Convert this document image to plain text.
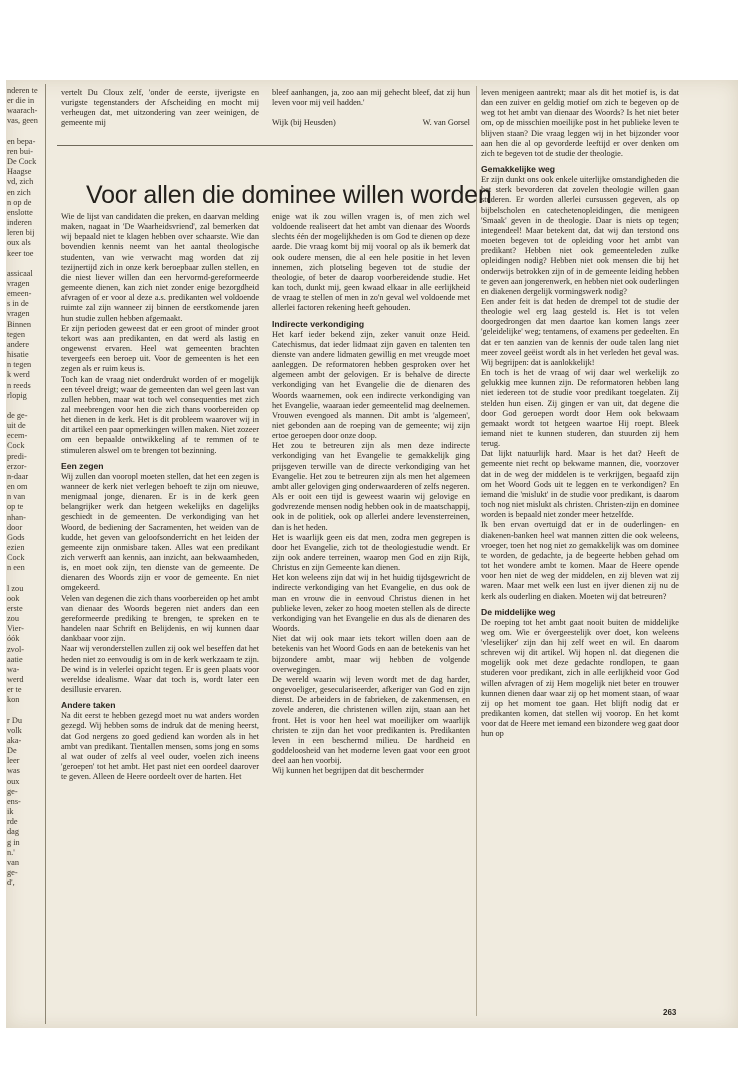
nderen te
er die in
waarach-
vas, geen

en bepa-
ren bui-
De Cock
Haagse
vd, zich
en zich
n op de
enslotte
inderen
leren bij
oux als
keer toe

assicaal
vragen
emeen-
s in de
vragen
Binnen
tegen
andere
hisatie
n tegen
k werd
n reeds
rlopig

de ge-
uit de
ecem-
Cock
predi-
erzor-
n-daar
en om
n van
op te
nhan-
door
Gods
ezien
Cock
n een

l zou
ook
erste
zou
Vier-
óók
zvol-
aatie
wa-
werd
er te
kon

r Du
volk
aka-
De
leer
was
oux
ge-
ens-
ik
rde
dag
g in
n.'
van
ge-
d',

vertelt Du Cloux zelf, 'onder de eerste, ijverigste en vurigste tegenstanders der Afscheiding en mocht mij verheugen dat, met uitzondering van zeer weinigen, de gemeente mij

bleef aanhangen, ja, zoo aan mij gehecht bleef, dat zij hun leven voor mij veil hadden.'

Wijk (bij Heusden)	W. van Gorsel
Voor allen die dominee willen worden

Wie de lijst van candidaten die preken, en daarvan melding maken, nagaat in 'De Waarheidsvriend', zal bemerken dat wij bepaald niet te klagen hebben over schaarste. Wie dan bovendien kennis neemt van het aantal theologische studenten, van wie verwacht mag worden dat zij tezijnertijd zich in onze kerk beroepbaar zullen stellen, en die niest liever willen dan een hervormd-gereformeerde gemeente dienen, kan zich niet zonder enige bezorgdheid afvragen of er voor al deze a.s. predikanten wel voldoende ruimte zal zijn wanneer zij binnen de eerstkomende jaren hun studie zullen hebben afgemaakt.

Er zijn perioden geweest dat er een groot of minder groot tekort was aan predikanten, en dat werd als lastig en ongewenst ervaren. Heel wat gemeenten brachten tevergeefs een beroep uit. Voor de gemeenten is het een zegen als er ruim keus is.

Toch kan de vraag niet onderdrukt worden of er mogelijk een téveel dreigt; waar de gemeenten dan wel geen last van zullen hebben, maar wat toch wel consequenties met zich zal meebrengen voor hen die zich thans voorbereiden op het dienen in de kerk. Het is dit probleem waarover wij in dit artikel een paar opmerkingen willen maken. Niet zozeer om een bepaalde ontwikkeling af te remmen of te stimuleren alswel om te brengen tot bezinning.

Een zegen

Wij zullen dan vooropl moeten stellen, dat het een zegen is wanneer de kerk niet verlegen behoeft te zijn om nieuwe, menigmaal jonge, dienaren. Er is in de kerk geen belangrijker werk dan hetgeen wekelijks en dagelijks geschiedt in de gemeenten. De verkondiging van het Woord, de bediening der Sacramenten, het weiden van de kudde, het geven van geloofsonderricht en het leiden der gemeente zijn onmisbare taken. Alles wat een predikant zich verwerft aan kennis, aan inzicht, aan bekwaamheden, is, en moet ook zijn, ten dienste van de gemeente. De dienaren des Woords zijn er voor de gemeente. En niet omgekeerd.

Velen van degenen die zich thans voorbereiden op het ambt van dienaar des Woords begeren niet anders dan een gereformeerde prediking te brengen, te spreken en te handelen naar Schrift en Belijdenis, en wij kunnen daar dankbaar voor zijn.

Naar wij veronderstellen zullen zij ook wel beseffen dat het heden niet zo eenvoudig is om in de kerk werkzaam te zijn. De wind is in velerlei opzicht tegen. Er is geen plaats voor wereldse idealisme. Waar dat toch is, wordt later een desillusie ervaren.

Andere taken

Na dit eerst te hebben gezegd moet nu wat anders worden gezegd. Wij hebben soms de indruk dat de mening heerst, dat God nergens zo goed gediend kan worden als in het ambt van predikant. Tientallen mensen, soms jong en soms al wat ouder of zelfs al veel ouder, voelen zich ineens 'geroepen' tot het ambt. Het past niet een oordeel daarover te geven. Alleen de Heere oordeelt over de harten. Het

enige wat ik zou willen vragen is, of men zich wel voldoende realiseert dat het ambt van dienaar des Woords slechts één der mogelijkheden is om God te dienen op deze aarde. Die vraag komt bij mij vooral op als ik bemerk dat ook oudere mensen, die al een hele positie in het leven innemen, zich plotseling begeven tot de studie der theologie, of beter de daarop voorbereidende studie. Het kan toch, dunkt mij, geen kwaad elkaar in alle eerlijkheid de vraag te stellen of men in zo'n geval wel voldoende met allerlei factoren rekening heeft gehouden.

Indirecte verkondiging

Het karf ieder bekend zijn, zeker vanuit onze Heid. Catechismus, dat ieder lidmaat zijn gaven en talenten ten dienste van andere lidmaten gewillig en met vreugde moet aanleggen. De reformatoren hebben gesproken over het algemeen ambt der gelovigen. Er is behalve de directe verkondiging van het Evangelie die de dienaren des Woords waarnemen, ook een indirecte verkondiging van het Evangelie, waaraan ieder gemeentelid mag deelnemen. Vrouwen evengoed als mannen. Dit ambt is 'algemeen', niet gebonden aan de roeping van de gemeente; wij zijn ertoe geroepen door onze doop.

Het zou te betreuren zijn als men deze indirecte verkondiging van het Evangelie te gemakkelijk ging prijsgeven terwille van de directe verkondiging van het Evangelie. Het zou te betreuren zijn als men het algemeen ambt aller gelovigen ging onderwaarderen of zelfs negeren.

Als er ooit een tijd is geweest waarin wij gelovige en godvrezende mensen nodig hebben ook in de maatschappij, ook in de politiek, ook op allerlei andere levensterreinen, dan is het heden.

Het is waarlijk geen eis dat men, zodra men gegrepen is door het Evangelie, zich tot de theologiestudie wendt. Er zijn ook andere terreinen, waarop men God en zijn Rijk, Christus en zijn Gemeente kan dienen.

Het kon weleens zijn dat wij in het huidig tijdsgewricht de indirecte verkondiging van het Evangelie, en dus ook de man en vrouw die in eenvoud Christus dienen in het publieke leven, zeker zo hoog moeten stellen als de directe verkondiging van het Evangelie en dus als de dienaren des Woords.

Niet dat wij ook maar iets tekort willen doen aan de betekenis van het Woord Gods en aan de betekenis van het bijzondere ambt, maar wij hebben de volgende overwegingen.

De wereld waarin wij leven wordt met de dag harder, ongevoeliger, geseculariseerder, afkeriger van God en zijn dienst. De arbeiders in de fabrieken, de zakenmensen, en zovele anderen, die christenen willen zijn, staan aan het front. Het is voor hen heel wat moeilijker om waarlijk christen te zijn dan het voor predikanten is. Predikanten leven in een beschermd milieu. De hardheid en goddeloosheid van het moderne leven gaat voor een groot deel aan hen voorbij.

Wij kunnen het begrijpen dat dit beschermder

leven menigeen aantrekt; maar als dit het motief is, is dat dan een zuiver en geldig motief om zich te begeven op de weg tot het ambt van dienaar des Woords? Is het niet beter om, op de misschien moeilijke post in het publieke leven te blijven staan? Die vraag leggen wij in het bijzonder voor aan hen die al op gevorderde leeftijd er over denken om zich te begeven tot de studie der theologie.

Gemakkelijke weg

Er zijn dunkt ons ook enkele uiterlijke omstandigheden die het sterk bevorderen dat zovelen theologie willen gaan studeren. Er worden allerlei cursussen gegeven, als op bijbelscholen en catechetenopleidingen, die menigeen 'Smaak' geven in de theologie. Daar is niets op tegen; integendeel! Maar betekent dat, dat wij dan terstond ons moeten begeven tot de opleiding voor het ambt van predikant? Hebben niet ook gemeenteleden zulke opleidingen nodig? Hebben niet ook mensen die bij het onderwijs betrokken zijn of in de gemeente leiding hebben te geven aan jongerenwerk, en hebben niet ook ouderlingen en diakenen dergelijk vormingswerk nodig?

Een ander feit is dat heden de drempel tot de studie der theologie wel erg laag gesteld is. Het is tot velen doorgedrongen dat men daartoe kan komen langs zeer 'geleidelijke' weg; tentamens, of examens per gedeelten. En dat er ten aanzien van de kennis der oude talen lang niet meer zoveel geëist wordt als in het verleden het geval was. Wij begrijpen: dat is aanlokkelijk!

En toch is het de vraag of wij daar wel werkelijk zo gelukkig mee kunnen zijn. De reformatoren hebben lang niet iedereen tot de studie voor predikant toegelaten. Zij stelden hun eisen. Zij gingen er van uit, dat degene die door God geroepen wordt door Hem ook bekwaam gemaakt wordt tot hetgeen waartoe Hij roept. Bleek iemand niet te kunnen studeren, dan stuurden zij hem terug.

Dat lijkt natuurlijk hard. Maar is het dat? Heeft de gemeente niet recht op bekwame mannen, die, voorzover dat in de weg der middelen is te verkrijgen, begaafd zijn om het Woord Gods uit te leggen en te verkondigen? En iemand die 'mislukt' in de studie voor predikant, is daarom toch nog niet mislukt als christen. Christen-zijn en dominee worden is bepaald niet zonder meer hetzelfde.

Ik ben ervan overtuigd dat er in de ouderlingen- en diakenen-banken heel wat mannen zitten die ook weleens, vroeger, toen het nog niet zo gemakkelijk was om dominee te worden, de gedachte, ja de begeerte hebben gehad om tot het wondere ambt te komen. Maar de Heere opende voor hen niet de weg der middelen, en zij bleven wat zij waren. Maar met welk een lust en ijver dienen zij nu de kerk als ouderling en diaken. Moeten wij dat betreuren?

De middelijke weg

De roeping tot het ambt gaat nooit buiten de middelijke weg om. Wie er óvergeestelijk over doet, kon weleens 'vleselijker' zijn dan hij zelf weet en wil. En daarom schreven wij dit artikel. Wij hopen nl. dat diegenen die mogelijk ook met deze gedachte rondlopen, te gaan studeren voor predikant, zich in alle eerlijkheid voor God willen afvragen of zij Hem mogelijk niet beter en trouwer kunnen dienen daar waar zij op het moment staan, of waar zij op het moment toe gaan. Het blijft nodig dat er predikanten komen, dat stellen wij voorop. En het komt voor dat de Heere met iemand een bizondere weg gaat door hun op

263
